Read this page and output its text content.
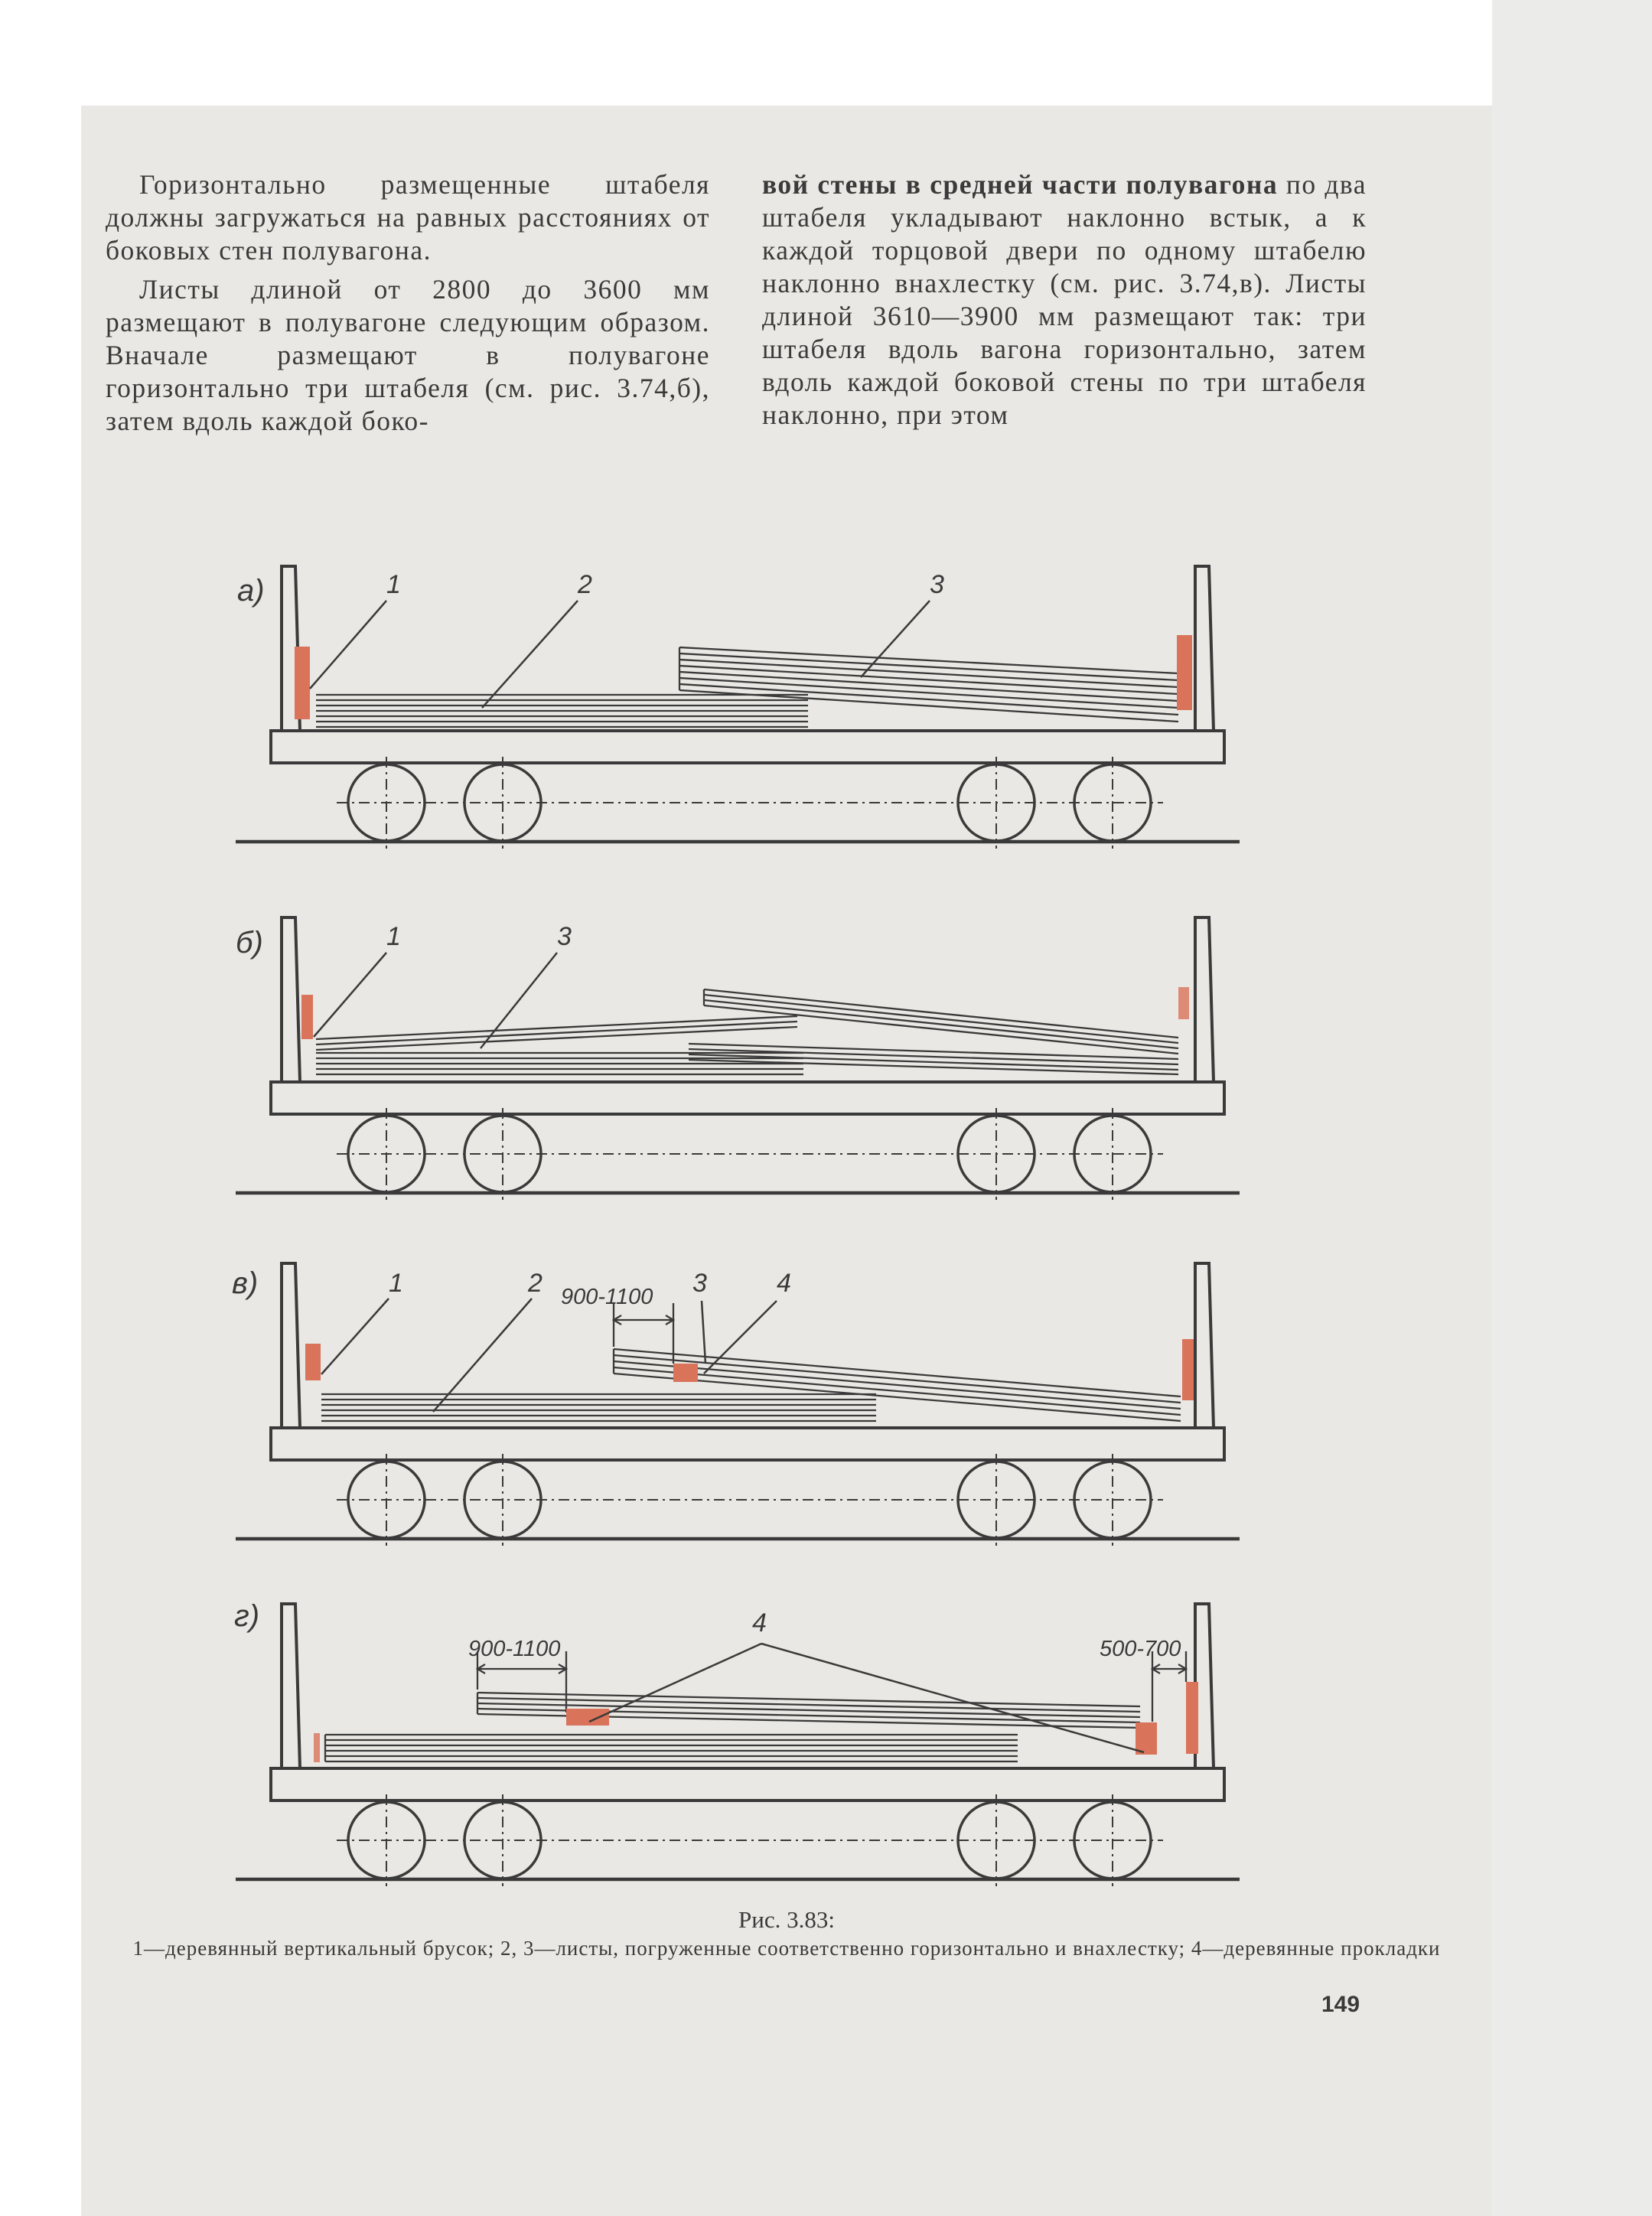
Горизонтально размещенные штабеля должны загружаться на равных расстояниях от боковых стен полувагона.

Листы длиной от 2800 до 3600 мм размещают в полувагоне следующим образом. Вначале размещают в полувагоне горизонтально три штабеля (см. рис. 3.74,б), затем вдоль каждой боко-

вой стены в средней части полувагона по два штабеля укладывают наклонно встык, а к каждой торцовой двери по одному штабелю наклонно внахлестку (см. рис. 3.74,в). Листы длиной 3610—3900 мм размещают так: три штабеля вдоль вагона горизонтально, затем вдоль каждой боковой стены по три штабеля наклонно, при этом

а)	1	2	3
б)	1	3
в)	1	2 900-1100 3	4
г)	4
900-1100	500-700
Рис. 3.83:
1—деревянный вертикальный брусок; 2, 3—листы, погруженные соответственно горизонтально и внахлестку; 4—деревянные прокладки
149
